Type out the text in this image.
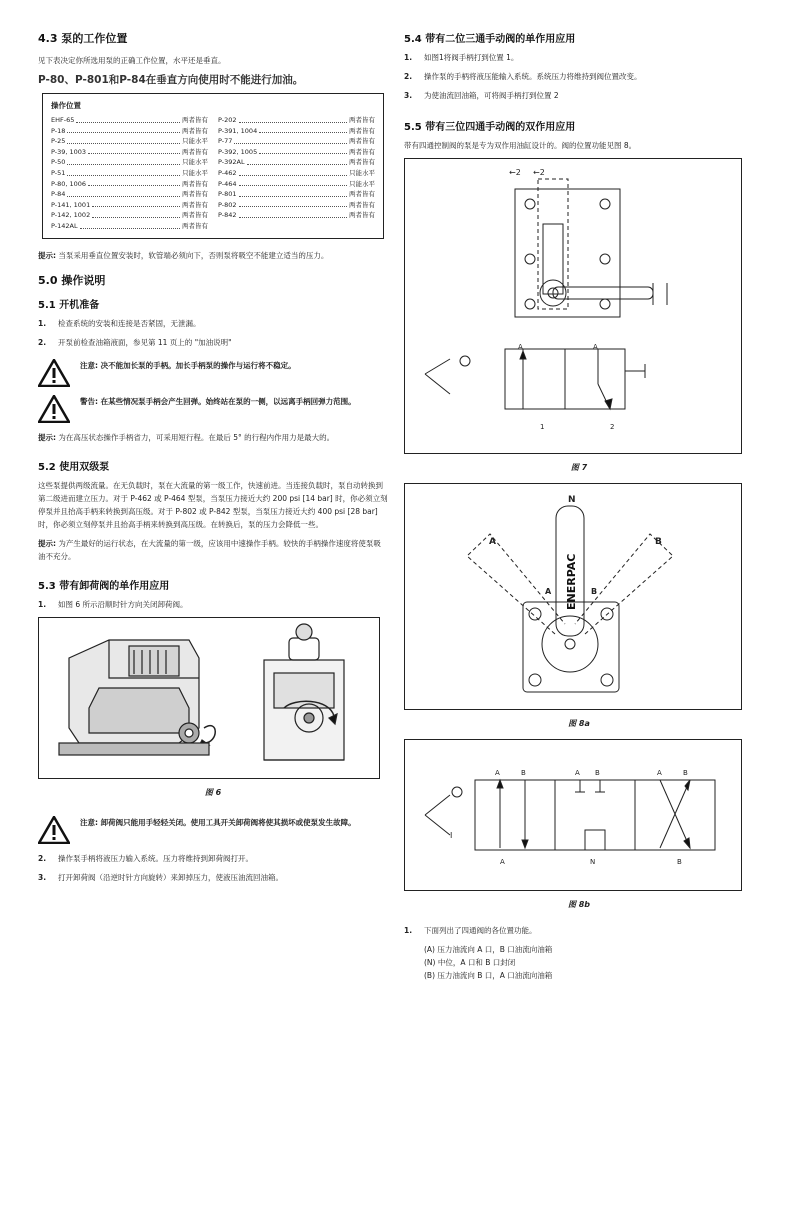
4.3 泵的工作位置

见下表决定你所选用泵的正确工作位置，水平还是垂直。

P-80、P-801和P-84在垂直方向使用时不能进行加油。

操作位置
EHF-65	两者皆有
P-18	两者皆有
P-25	只能水平
P-39, 1003	两者皆有
P-50	只能水平
P-51	只能水平
P-80, 1006	两者皆有
P-84	两者皆有
P-141, 1001	两者皆有
P-142, 1002	两者皆有
P-142AL	两者皆有
P-202	两者皆有
P-391, 1004	两者皆有
P-77	两者皆有
P-392, 1005	两者皆有
P-392AL	两者皆有
P-462	只能水平
P-464	只能水平
P-801	两者皆有
P-802	两者皆有
P-842	两者皆有

提示: 当泵采用垂直位置安装时，软管端必须向下，否则泵将吸空不能建立适当的压力。

5.0 操作说明
5.1 开机准备
1.	检查系统的安装和连接是否紧固，无泄漏。
2.	开泵前检查油箱液面，参见第 11 页上的 "加油说明"
注意: 决不能加长泵的手柄。加长手柄泵的操作与运行将不稳定。
警告: 在某些情况泵手柄会产生回弹。始终站在泵的一侧，以远离手柄回弹力范围。

提示: 为在高压状态操作手柄省力，可采用短行程。在最后 5° 的行程内作用力是最大的。

5.2 使用双级泵

这些泵提供两级流量。在无负载时，泵在大流量的第一级工作，快速前进。当连接负载时，泵自动转换到第二级进而建立压力。对于 P-462 或 P-464 型泵，当泵压力接近大约 200 psi [14 bar] 时，你必须立刻停泵并且抬高手柄来转换到高压级。对于 P-802 或 P-842 型泵，当泵压力接近大约 400 psi [28 bar] 时，你必须立刻停泵并且抬高手柄来转换到高压级。在转换后，泵的压力会降低一些。

提示: 为产生最好的运行状态，在大流量的第一级，应该用中速操作手柄。较快的手柄操作速度将使泵吸油不充分。

5.3 带有卸荷阀的单作用应用
1.	如图 6 所示沿顺时针方向关闭卸荷阀。
图 6
注意: 卸荷阀只能用手轻轻关闭。使用工具开关卸荷阀将使其损坏或使泵发生故障。
2.	操作泵手柄将液压力输入系统。压力将维持到卸荷阀打开。
3.	打开卸荷阀（沿逆时针方向旋转）来卸掉压力，使液压油流回油箱。
5.4 带有二位三通手动阀的单作用应用
1.	如图1将阀手柄打到位置 1。
2.	操作泵的手柄将液压能输入系统。系统压力将维持到阀位置改变。
3.	为使油流回油箱，可将阀手柄打到位置 2
5.5 带有三位四通手动阀的双作用应用

带有四通控制阀的泵是专为双作用油缸设计的。阀的位置功能见图 8。

←2 ←2
A	A
1	2
图 7
N
A	B
A	B
ENERPAC
图 8a
I
A	B	A B	A	B
A	N	B
图 8b
1.	下面列出了四通阀的各位置功能。
(A) 压力油流向 A 口，B 口油流向油箱
(N) 中位，A 口和 B 口封闭
(B) 压力油流向 B 口，A 口油流向油箱
